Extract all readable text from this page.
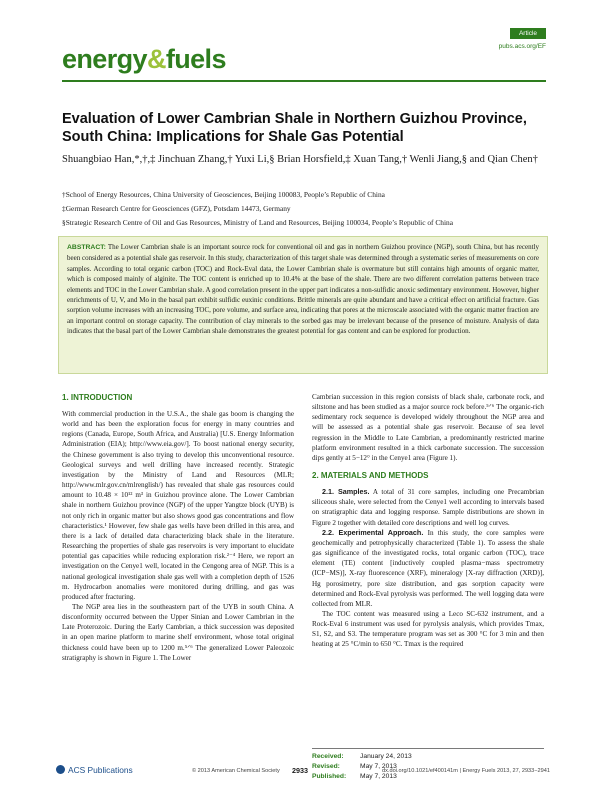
energy&fuels
Article
pubs.acs.org/EF
Evaluation of Lower Cambrian Shale in Northern Guizhou Province, South China: Implications for Shale Gas Potential
Shuangbiao Han,*,†,‡ Jinchuan Zhang,† Yuxi Li,§ Brian Horsfield,‡ Xuan Tang,† Wenli Jiang,§ and Qian Chen†
†School of Energy Resources, China University of Geosciences, Beijing 100083, People’s Republic of China
‡German Research Centre for Geosciences (GFZ), Potsdam 14473, Germany
§Strategic Research Centre of Oil and Gas Resources, Ministry of Land and Resources, Beijing 100034, People’s Republic of China
ABSTRACT: The Lower Cambrian shale is an important source rock for conventional oil and gas in northern Guizhou province (NGP), south China, but has recently been considered as a potential shale gas reservoir. In this study, characterization of this target shale was determined through a systematic series of measurements on core samples. According to total organic carbon (TOC) and Rock-Eval data, the Lower Cambrian shale is overmature but still contains high amounts of organic matter, which is composed mainly of alginite. The TOC content is enriched up to 10.4% at the base of the shale. There are two different correlation patterns between trace elements and TOC in the Lower Cambrian shale. A good correlation present in the upper part indicates a non-sulfidic anoxic sedimentary environment. However, higher enrichments of U, V, and Mo in the basal part exhibit sulfidic euxinic conditions. Brittle minerals are quite abundant and have a critical effect on artificial fracture. Gas sorption volume increases with an increasing TOC, pore volume, and surface area, indicating that pores at the microscale associated with the organic matter fraction are an important control on storage capacity. The contribution of clay minerals to the sorbed gas may be irrelevant because of the presence of moisture. Analysis of data indicates that the basal part of the Lower Cambrian shale demonstrates the greatest potential for gas content and can be explored for production.
1. INTRODUCTION

With commercial production in the U.S.A., the shale gas boom is changing the world and has been the exploration focus for energy in many countries and regions (Canada, Europe, South Africa, and Australia) [U.S. Energy Information Administration (EIA); http://www.eia.gov/]. To boost national energy security, the Chinese government is also trying to develop this unconventional resource. Geological surveys and well drilling have increased recently. Strategic investigation by the Ministry of Land and Resources (MLR; http://www.mlr.gov.cn/mlrenglish/) has revealed that shale gas resources could amount to 10.48 × 10¹² m³ in Guizhou province alone. The Lower Cambrian shale in northern Guizhou province (NGP) of the upper Yangtze block (UYB) is not only rich in organic matter but also shows good gas concentrations and flow characteristics.¹ However, few shale gas wells have been drilled in this area, and there is a lack of detailed data characterizing black shale in the literature. Researching the properties of shale gas reservoirs is very important to elucidate potential gas capacities while reducing exploration risk.²⁻⁴ Here, we report an investigation on the Cenye1 well, located in the Cengong area of NGP. This is a national geological investigation shale gas well with a completion depth of 1526 m. Hydrocarbon anomalies were monitored during drilling, and gas was produced after fracturing.

The NGP area lies in the southeastern part of the UYB in south China. A disconformity occurred between the Upper Sinian and Lower Cambrian in the Late Proterozoic. During the Early Cambrian, a thick succession was deposited in an open marine platform to marine shelf environment, whose total original thickness could have been up to 1200 m.⁵ᐟ⁶ The generalized Lower Paleozoic stratigraphy is shown in Figure 1. The Lower

Cambrian succession in this region consists of black shale, carbonate rock, and siltstone and has been studied as a major source rock before.⁵ᐟ⁶ The organic-rich sedimentary rock sequence is developed widely throughout the NGP area and will be assessed as a potential shale gas reservoir. Because of sea level regression in the Middle to Late Cambrian, a predominantly restricted marine platform environment resulted in a thick carbonate succession. The succession dips gently at 5−12° in the Cenye1 area (Figure 1).

2. MATERIALS AND METHODS

2.1. Samples. A total of 31 core samples, including one Precambrian siliceous shale, were selected from the Cenye1 well according to intervals based on stratigraphic data and logging response. Sample distributions are shown in Figure 2 together with detailed core descriptions and well log curves.

2.2. Experimental Approach. In this study, the core samples were geochemically and petrophysically characterized (Table 1). To assess the shale gas significance of the investigated rocks, total organic carbon (TOC), trace element (TE) content [inductively coupled plasma−mass spectrometry (ICP−MS)], X-ray fluorescence (XRF), mineralogy [X-ray diffraction (XRD)], Hg porosimetry, pore size distribution, and gas sorption capacity were determined and Rock-Eval pyrolysis was performed. The well logging data were collected from MLR.

The TOC content was measured using a Leco SC-632 instrument, and a Rock-Eval 6 instrument was used for pyrolysis analysis, which provides Tmax, S1, S2, and S3. The temperature program was set as 300 °C for 3 min and then heating at 25 °C/min to 650 °C. Tmax is the required

Received: January 24, 2013
Revised:	May 7, 2013
Published: May 7, 2013
ACS Publications	© 2013 American Chemical Society 2933	dx.doi.org/10.1021/ef400141m | Energy Fuels 2013, 27, 2933−2941
